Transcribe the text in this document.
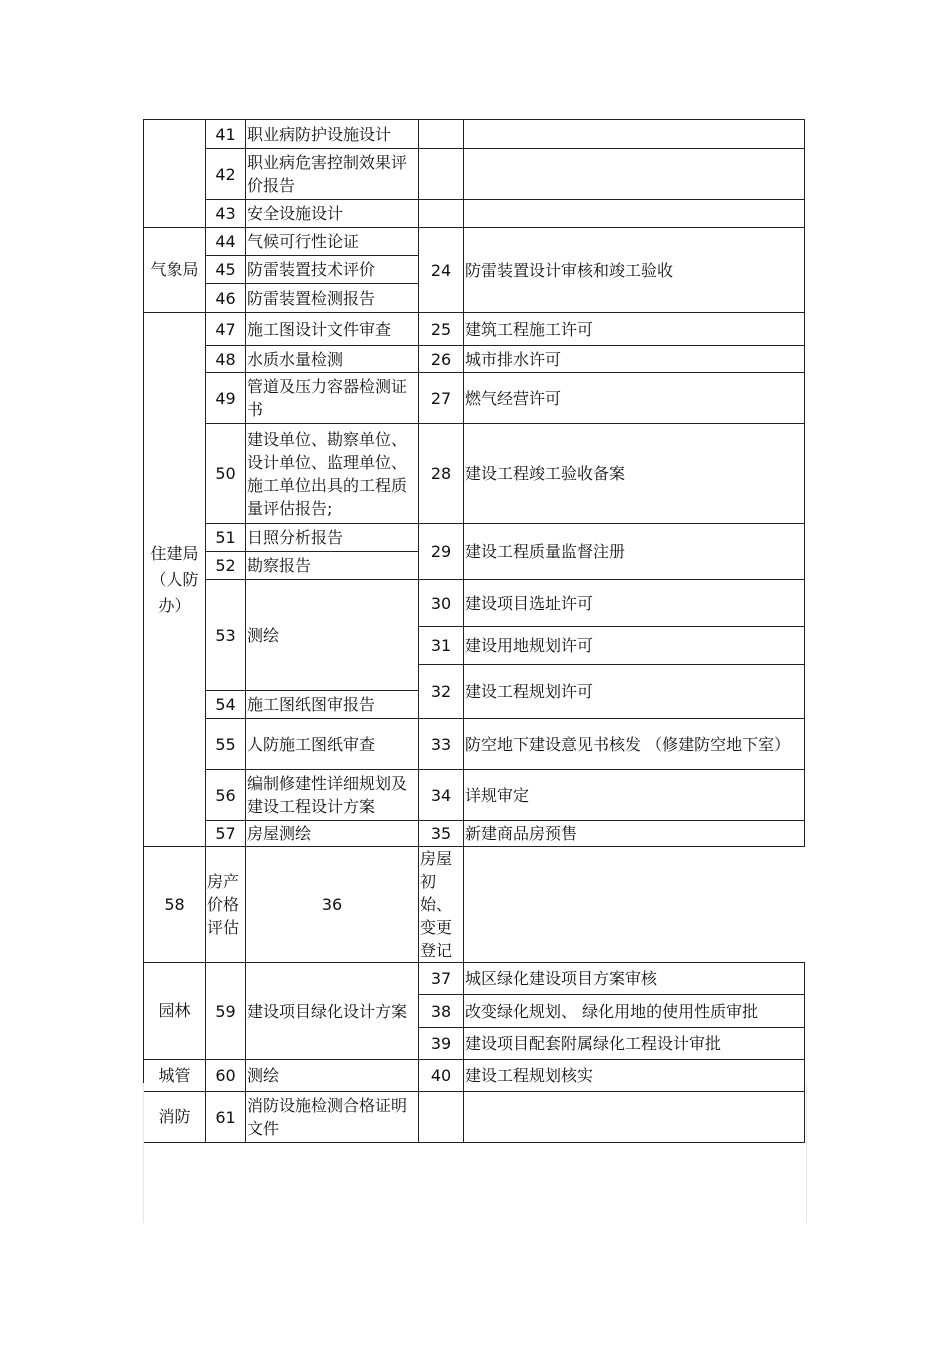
	41	职业病防护设施设计		
	42	职业病危害控制效果评价报告		
	43	安全设施设计		
气象局	44	气候可行性论证	24	防雷装置设计审核和竣工验收
	45	防雷装置技术评价		
	46	防雷装置检测报告		
住建局（人防办）	47	施工图设计文件审查	25	建筑工程施工许可
	48	水质水量检测	26	城市排水许可
	49	管道及压力容器检测证书	27	燃气经营许可
	50	建设单位、勘察单位、设计单位、监理单位、施工单位出具的工程质量评估报告;	28	建设工程竣工验收备案
	51	日照分析报告	29	建设工程质量监督注册
	52	勘察报告		
	53	测绘	30	建设项目选址许可
			31	建设用地规划许可
			32	建设工程规划许可
	54	施工图纸图审报告		
	55	人防施工图纸审查	33	防空地下建设意见书核发 （修建防空地下室）
	56	编制修建性详细规划及建设工程设计方案	34	详规审定
	57	房屋测绘	35	新建商品房预售
58	房产价格评估	36	房屋初始、变更登记	
园林	59	建设项目绿化设计方案	37	城区绿化建设项目方案审核
			38	改变绿化规划、 绿化用地的使用性质审批
			39	建设项目配套附属绿化工程设计审批
城管	60	测绘	40	建设工程规划核实
消防	61	消防设施检测合格证明文件		
